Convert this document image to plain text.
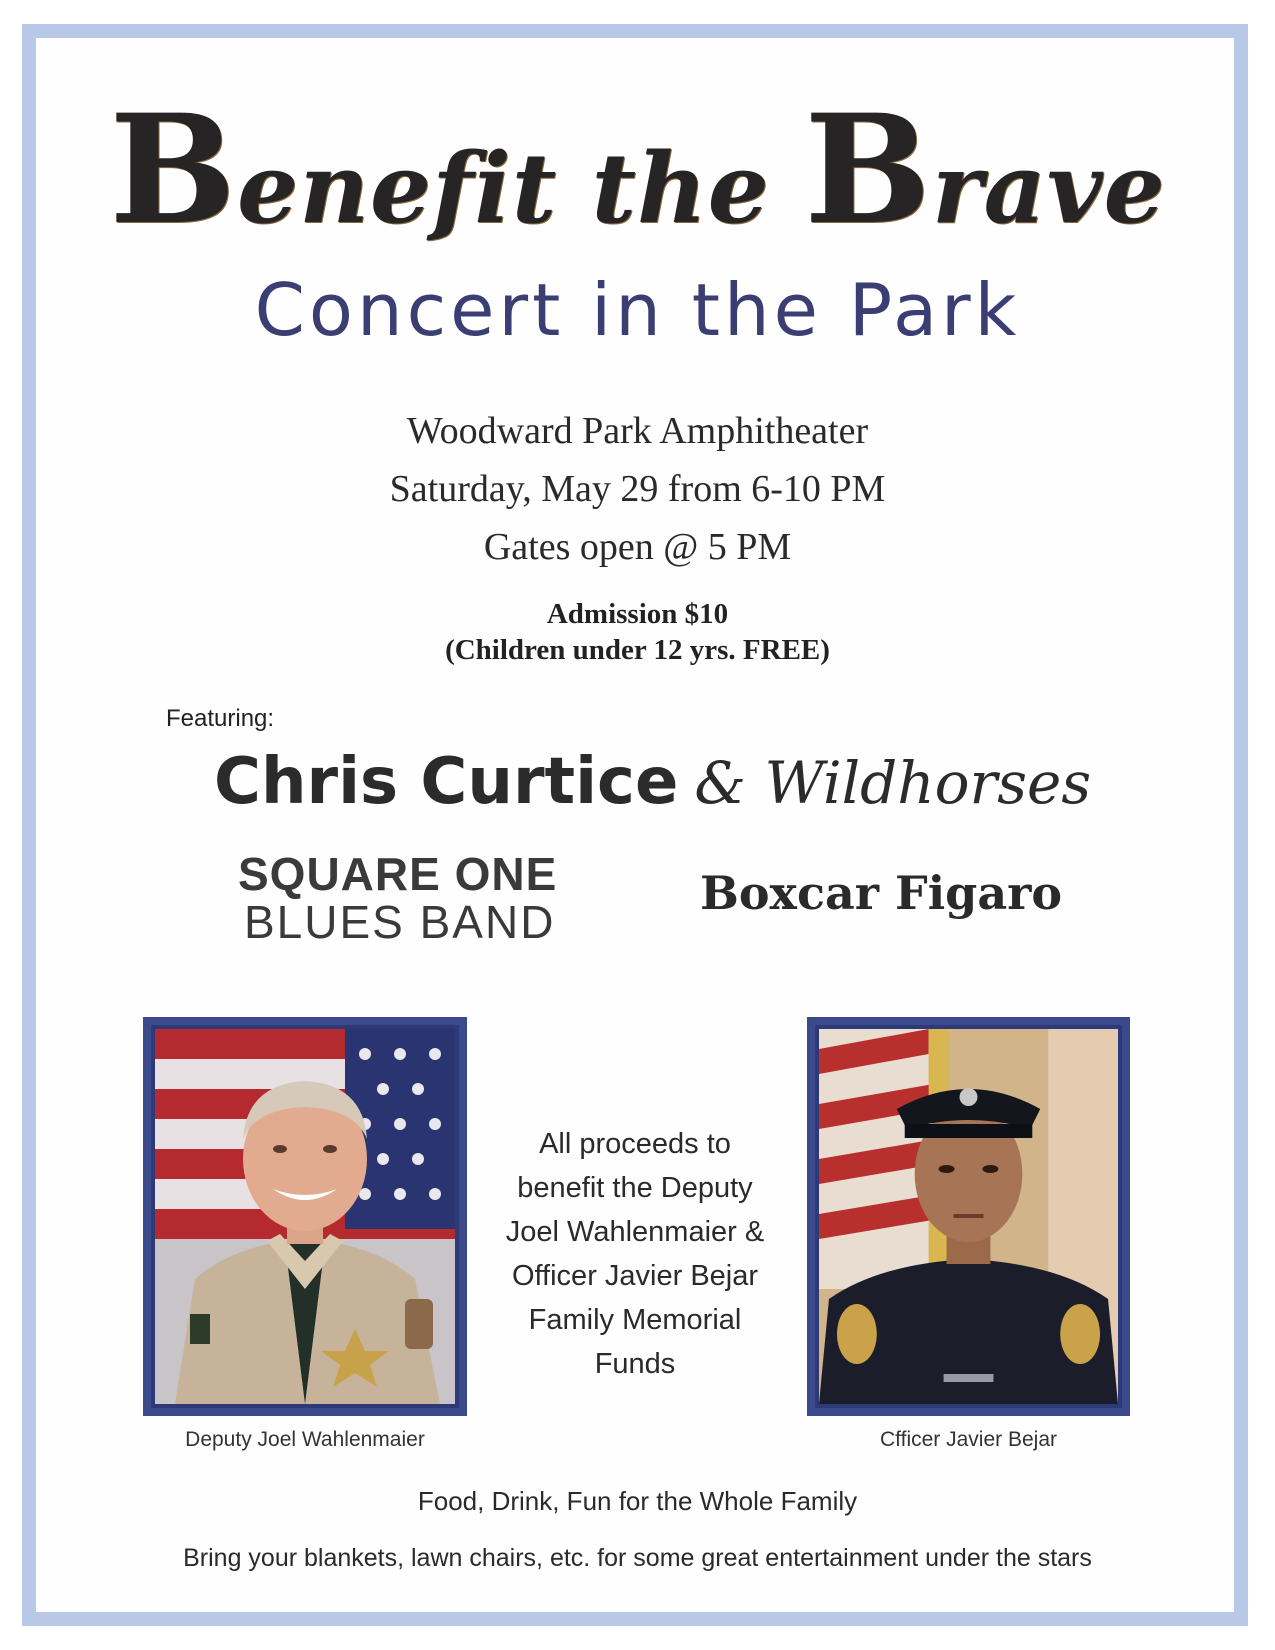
Benefit the Brave
Concert in the Park
Woodward Park Amphitheater
Saturday, May 29 from 6-10 PM
Gates open @ 5 PM
Admission $10
(Children under 12 yrs. FREE)
Featuring:
Chris Curtice & Wildhorses
SQUARE ONE
BLUES BAND
Boxcar Figaro
Deputy Joel Wahlenmaier
All proceeds to
benefit the Deputy
Joel Wahlenmaier &
Officer Javier Bejar
Family Memorial
Funds
Cfficer Javier Bejar
Food, Drink, Fun for the Whole Family
Bring your blankets, lawn chairs, etc. for some great entertainment under the stars
